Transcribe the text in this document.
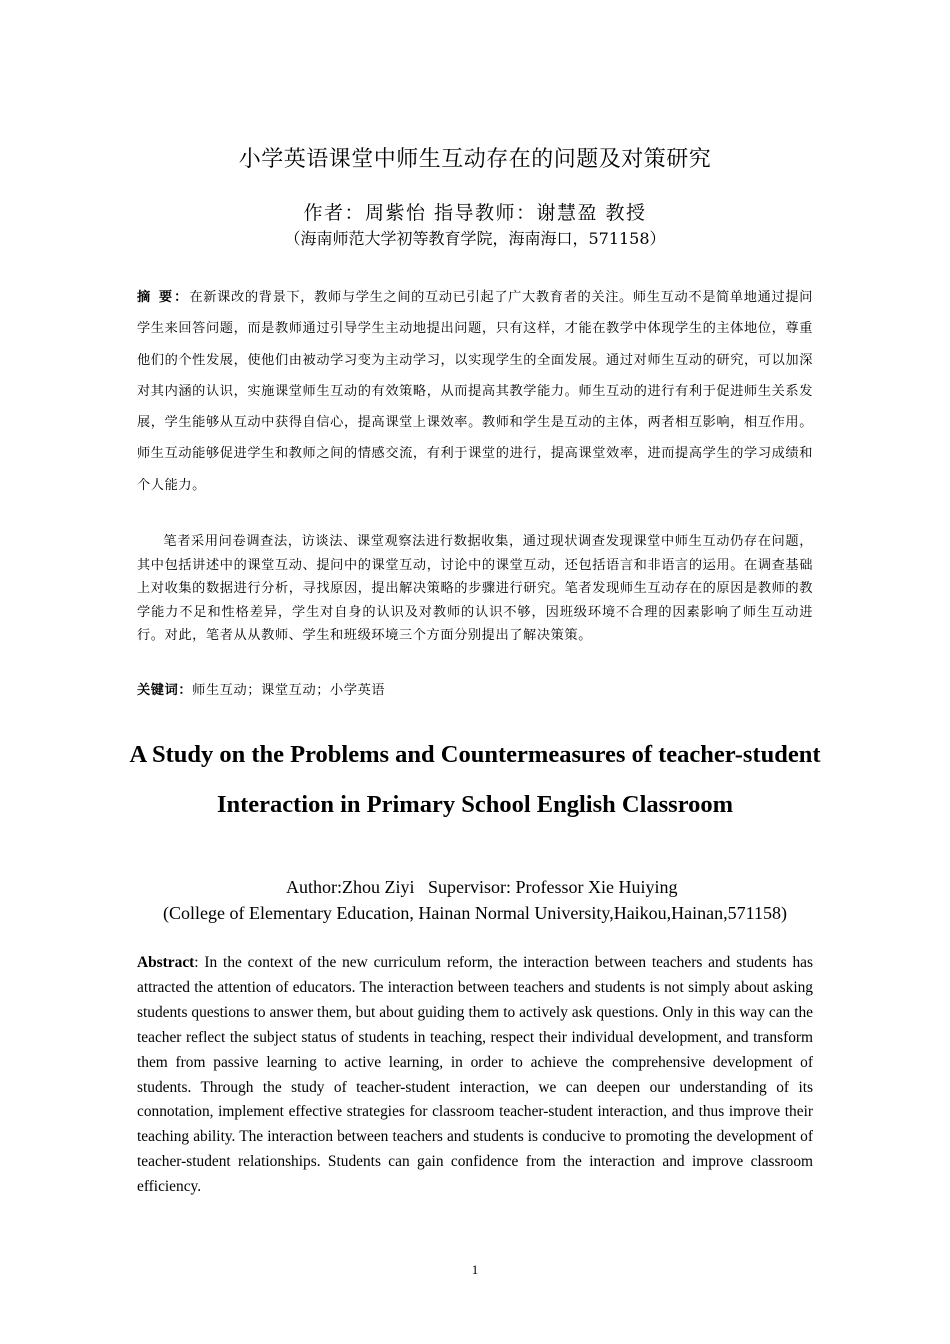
小学英语课堂中师生互动存在的问题及对策研究
作者：周紫怡 指导教师：谢慧盈 教授
（海南师范大学初等教育学院，海南海口，571158）
摘 要：在新课改的背景下，教师与学生之间的互动已引起了广大教育者的关注。师生互动不是简单地通过提问学生来回答问题，而是教师通过引导学生主动地提出问题，只有这样，才能在教学中体现学生的主体地位，尊重他们的个性发展，使他们由被动学习变为主动学习，以实现学生的全面发展。通过对师生互动的研究，可以加深对其内涵的认识，实施课堂师生互动的有效策略，从而提高其教学能力。师生互动的进行有利于促进师生关系发展，学生能够从互动中获得自信心，提高课堂上课效率。教师和学生是互动的主体，两者相互影响，相互作用。师生互动能够促进学生和教师之间的情感交流，有利于课堂的进行，提高课堂效率，进而提高学生的学习成绩和个人能力。
笔者采用问卷调查法，访谈法、课堂观察法进行数据收集，通过现状调查发现课堂中师生互动仍存在问题，其中包括讲述中的课堂互动、提问中的课堂互动，讨论中的课堂互动，还包括语言和非语言的运用。在调查基础上对收集的数据进行分析，寻找原因，提出解决策略的步骤进行研究。笔者发现师生互动存在的原因是教师的教学能力不足和性格差异，学生对自身的认识及对教师的认识不够，因班级环境不合理的因素影响了师生互动进行。对此，笔者从从教师、学生和班级环境三个方面分别提出了解决策策。
关键词：师生互动；课堂互动；小学英语
A Study on the Problems and Countermeasures of teacher-student Interaction in Primary School English Classroom
Author:Zhou Ziyi   Supervisor: Professor Xie Huiying
(College of Elementary Education, Hainan Normal University,Haikou,Hainan,571158)
Abstract: In the context of the new curriculum reform, the interaction between teachers and students has attracted the attention of educators. The interaction between teachers and students is not simply about asking students questions to answer them, but about guiding them to actively ask questions. Only in this way can the teacher reflect the subject status of students in teaching, respect their individual development, and transform them from passive learning to active learning, in order to achieve the comprehensive development of students. Through the study of teacher-student interaction, we can deepen our understanding of its connotation, implement effective strategies for classroom teacher-student interaction, and thus improve their teaching ability. The interaction between teachers and students is conducive to promoting the development of teacher-student relationships. Students can gain confidence from the interaction and improve classroom efficiency.
1
